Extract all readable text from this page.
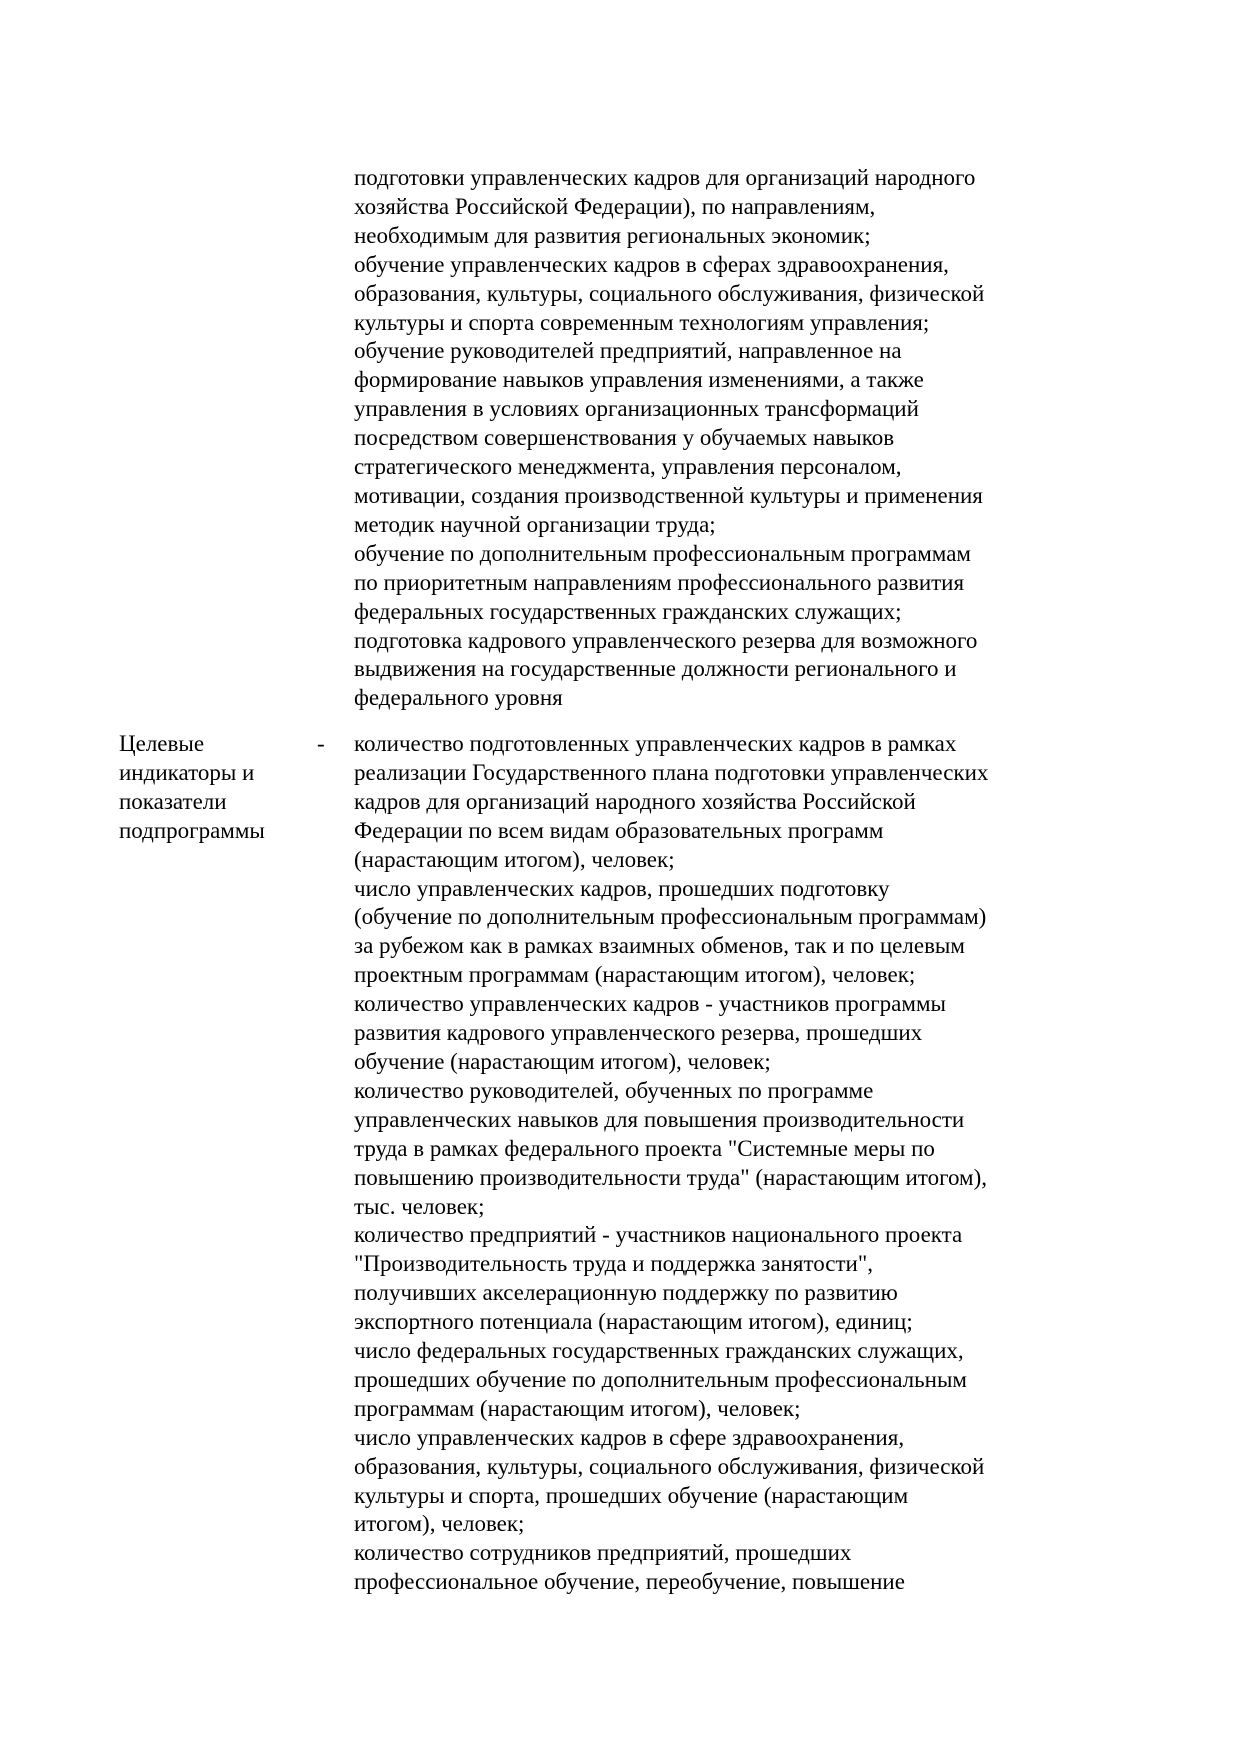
подготовки управленческих кадров для организаций народного
хозяйства Российской Федерации), по направлениям,
необходимым для развития региональных экономик;
обучение управленческих кадров в сферах здравоохранения,
образования, культуры, социального обслуживания, физической
культуры и спорта современным технологиям управления;
обучение руководителей предприятий, направленное на
формирование навыков управления изменениями, а также
управления в условиях организационных трансформаций
посредством совершенствования у обучаемых навыков
стратегического менеджмента, управления персоналом,
мотивации, создания производственной культуры и применения
методик научной организации труда;
обучение по дополнительным профессиональным программам
по приоритетным направлениям профессионального развития
федеральных государственных гражданских служащих;
подготовка кадрового управленческого резерва для возможного
выдвижения на государственные должности регионального и
федерального уровня
Целевые
индикаторы и
показатели
подпрограммы
- количество подготовленных управленческих кадров в рамках
реализации Государственного плана подготовки управленческих
кадров для организаций народного хозяйства Российской
Федерации по всем видам образовательных программ
(нарастающим итогом), человек;
число управленческих кадров, прошедших подготовку
(обучение по дополнительным профессиональным программам)
за рубежом как в рамках взаимных обменов, так и по целевым
проектным программам (нарастающим итогом), человек;
количество управленческих кадров - участников программы
развития кадрового управленческого резерва, прошедших
обучение (нарастающим итогом), человек;
количество руководителей, обученных по программе
управленческих навыков для повышения производительности
труда в рамках федерального проекта "Системные меры по
повышению производительности труда" (нарастающим итогом),
тыс. человек;
количество предприятий - участников национального проекта
"Производительность труда и поддержка занятости",
получивших акселерационную поддержку по развитию
экспортного потенциала (нарастающим итогом), единиц;
число федеральных государственных гражданских служащих,
прошедших обучение по дополнительным профессиональным
программам (нарастающим итогом), человек;
число управленческих кадров в сфере здравоохранения,
образования, культуры, социального обслуживания, физической
культуры и спорта, прошедших обучение (нарастающим
итогом), человек;
количество сотрудников предприятий, прошедших
профессиональное обучение, переобучение, повышение
